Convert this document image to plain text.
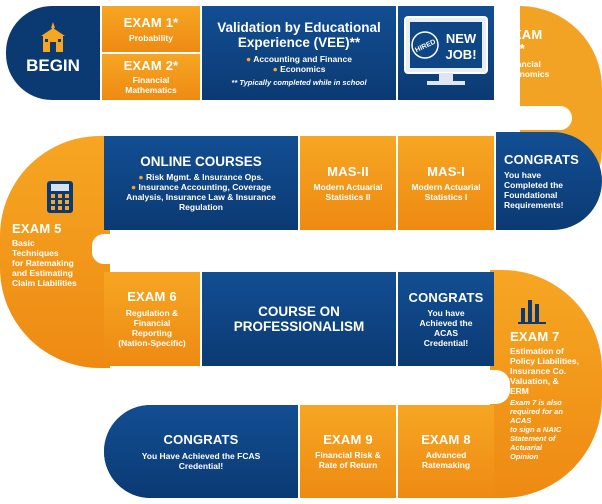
BEGIN
EXAM 1*
Probability
EXAM 2*
Financial
Mathematics
Validation by Educational
Experience (VEE)**
● Accounting and Finance
● Economics
** Typically completed while in school
HIRED
NEW
JOB!
EXAM
3F*
Financial
Economics
CONGRATS
You have
Completed the
Foundational
Requirements!
MAS-I
Modern Actuarial
Statistics I
MAS-II
Modern Actuarial
Statistics II
ONLINE COURSES
● Risk Mgmt. & Insurance Ops.
● Insurance Accounting, Coverage
Analysis, Insurance Law & Insurance
Regulation
EXAM 5
Basic
Techniques
for Ratemaking
and Estimating
Claim Liabilities
EXAM 6
Regulation &
Financial
Reporting
(Nation-Specific)
COURSE ON
PROFESSIONALISM
CONGRATS
You have
Achieved the
ACAS
Credential!	EXAM 7
Estimation of
Policy Liabilities,
Insurance Co.
Valuation, &
ERM
Exam 7 is also
required for an
ACAS
to sign a NAIC
Statement of
Actuarial
Opinion
CONGRATS
You Have Achieved the FCAS
Credential!
EXAM 9
Financial Risk &
Rate of Return
EXAM 8
Advanced
Ratemaking
